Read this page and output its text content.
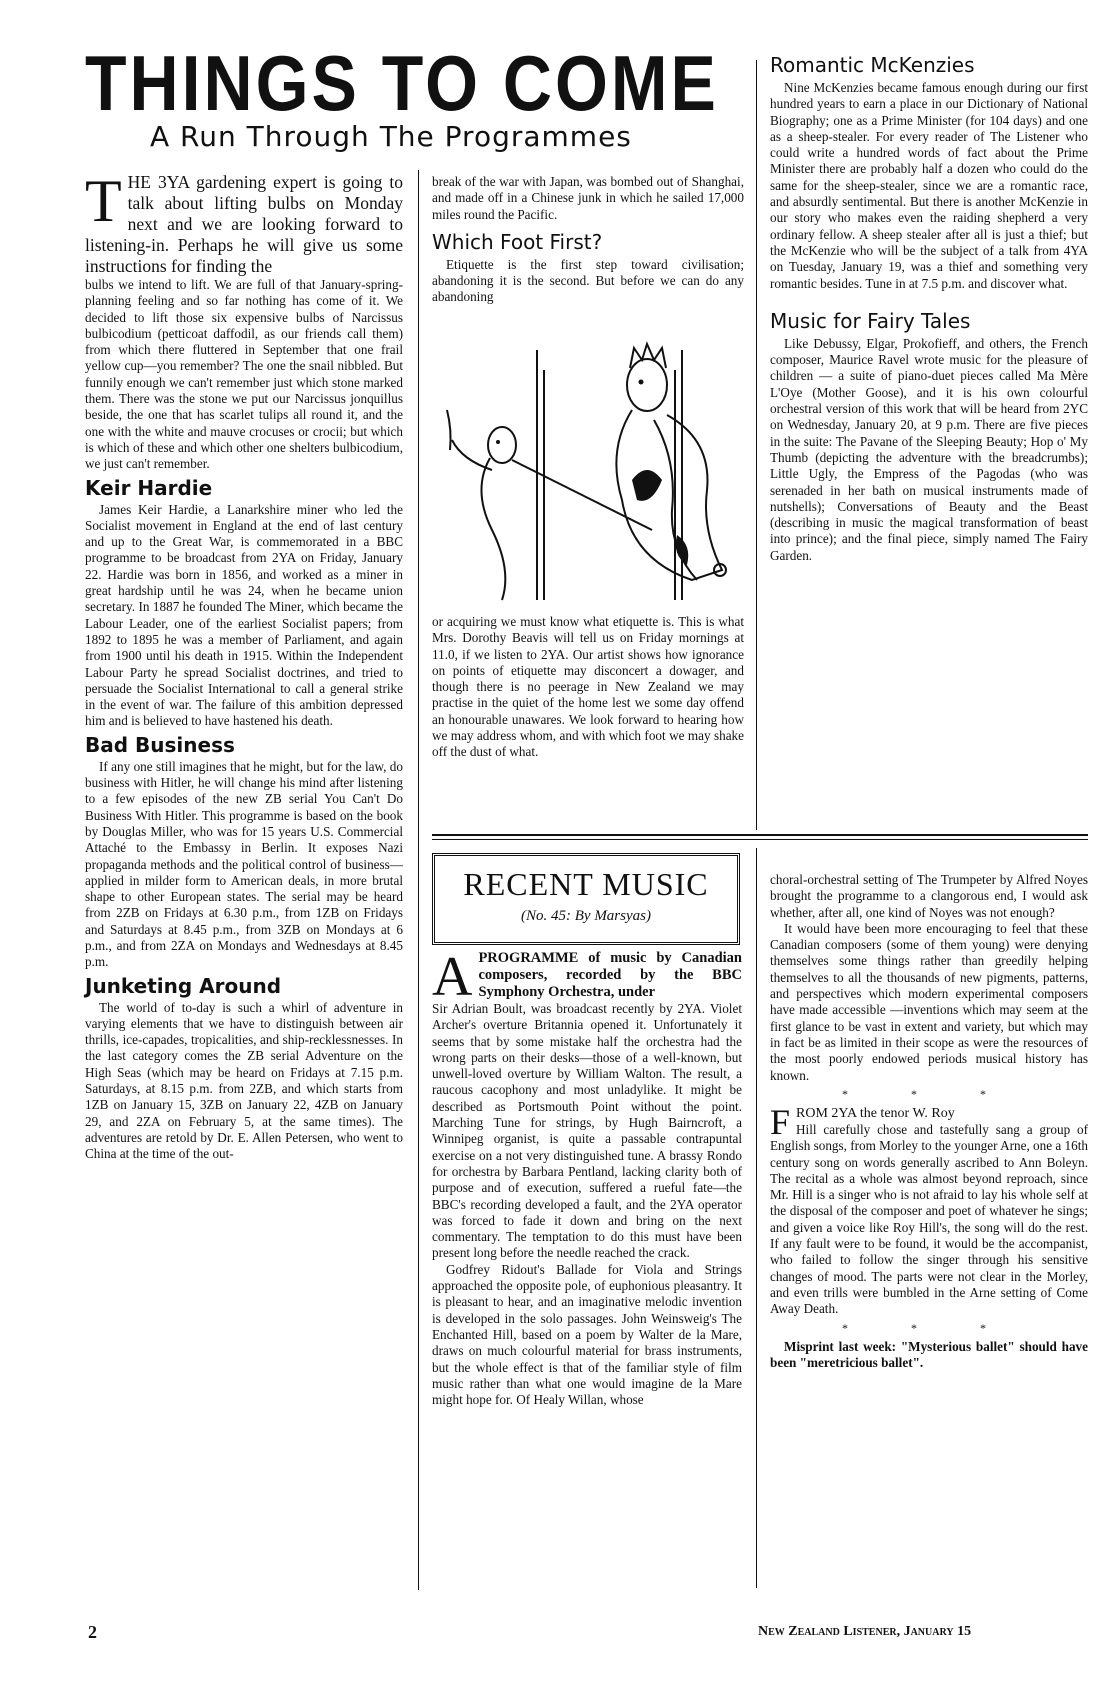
THINGS TO COME
A Run Through The Programmes
THE 3YA gardening expert is going to talk about lifting bulbs on Monday next and we are looking forward to listening-in. Perhaps he will give us some instructions for finding the

bulbs we intend to lift. We are full of that January-spring-planning feeling and so far nothing has come of it. We decided to lift those six expensive bulbs of Narcissus bulbicodium (petticoat daffodil, as our friends call them) from which there fluttered in September that one frail yellow cup—you remember? The one the snail nibbled. But funnily enough we can't remember just which stone marked them. There was the stone we put our Narcissus jonquillus beside, the one that has scarlet tulips all round it, and the one with the white and mauve crocuses or crocii; but which is which of these and which other one shelters bulbicodium, we just can't remember.

Keir Hardie

James Keir Hardie, a Lanarkshire miner who led the Socialist movement in England at the end of last century and up to the Great War, is commemorated in a BBC programme to be broadcast from 2YA on Friday, January 22. Hardie was born in 1856, and worked as a miner in great hardship until he was 24, when he became union secretary. In 1887 he founded The Miner, which became the Labour Leader, one of the earliest Socialist papers; from 1892 to 1895 he was a member of Parliament, and again from 1900 until his death in 1915. Within the Independent Labour Party he spread Socialist doctrines, and tried to persuade the Socialist International to call a general strike in the event of war. The failure of this ambition depressed him and is believed to have hastened his death.

Bad Business

If any one still imagines that he might, but for the law, do business with Hitler, he will change his mind after listening to a few episodes of the new ZB serial You Can't Do Business With Hitler. This programme is based on the book by Douglas Miller, who was for 15 years U.S. Commercial Attaché to the Embassy in Berlin. It exposes Nazi propaganda methods and the political control of business—applied in milder form to American deals, in more brutal shape to other European states. The serial may be heard from 2ZB on Fridays at 6.30 p.m., from 1ZB on Fridays and Saturdays at 8.45 p.m., from 3ZB on Mondays at 6 p.m., and from 2ZA on Mondays and Wednesdays at 8.45 p.m.

Junketing Around

The world of to-day is such a whirl of adventure in varying elements that we have to distinguish between air thrills, ice-capades, tropicalities, and ship-recklessnesses. In the last category comes the ZB serial Adventure on the High Seas (which may be heard on Fridays at 7.15 p.m. Saturdays, at 8.15 p.m. from 2ZB, and which starts from 1ZB on January 15, 3ZB on January 22, 4ZB on January 29, and 2ZA on February 5, at the same times). The adventures are retold by Dr. E. Allen Petersen, who went to China at the time of the out-

break of the war with Japan, was bombed out of Shanghai, and made off in a Chinese junk in which he sailed 17,000 miles round the Pacific.

Which Foot First?

Etiquette is the first step toward civilisation; abandoning it is the second. But before we can do any abandoning

or acquiring we must know what etiquette is. This is what Mrs. Dorothy Beavis will tell us on Friday mornings at 11.0, if we listen to 2YA. Our artist shows how ignorance on points of etiquette may disconcert a dowager, and though there is no peerage in New Zealand we may practise in the quiet of the home lest we some day offend an honourable unawares. We look forward to hearing how we may address whom, and with which foot we may shake off the dust of what.

Romantic McKenzies

Nine McKenzies became famous enough during our first hundred years to earn a place in our Dictionary of National Biography; one as a Prime Minister (for 104 days) and one as a sheep-stealer. For every reader of The Listener who could write a hundred words of fact about the Prime Minister there are probably half a dozen who could do the same for the sheep-stealer, since we are a romantic race, and absurdly sentimental. But there is another McKenzie in our story who makes even the raiding shepherd a very ordinary fellow. A sheep stealer after all is just a thief; but the McKenzie who will be the subject of a talk from 4YA on Tuesday, January 19, was a thief and something very romantic besides. Tune in at 7.5 p.m. and discover what.

Music for Fairy Tales

Like Debussy, Elgar, Prokofieff, and others, the French composer, Maurice Ravel wrote music for the pleasure of children — a suite of piano-duet pieces called Ma Mère L'Oye (Mother Goose), and it is his own colourful orchestral version of this work that will be heard from 2YC on Wednesday, January 20, at 9 p.m. There are five pieces in the suite: The Pavane of the Sleeping Beauty; Hop o' My Thumb (depicting the adventure with the breadcrumbs); Little Ugly, the Empress of the Pagodas (who was serenaded in her bath on musical instruments made of nutshells); Conversations of Beauty and the Beast (describing in music the magical transformation of beast into prince); and the final piece, simply named The Fairy Garden.

RECENT MUSIC
(No. 45: By Marsyas)
APROGRAMME of music by Canadian composers, recorded by the BBC Symphony Orchestra, under

Sir Adrian Boult, was broadcast recently by 2YA. Violet Archer's overture Britannia opened it. Unfortunately it seems that by some mistake half the orchestra had the wrong parts on their desks—those of a well-known, but unwell-loved overture by William Walton. The result, a raucous cacophony and most unladylike. It might be described as Portsmouth Point without the point. Marching Tune for strings, by Hugh Bairncroft, a Winnipeg organist, is quite a passable contrapuntal exercise on a not very distinguished tune. A brassy Rondo for orchestra by Barbara Pentland, lacking clarity both of purpose and of execution, suffered a rueful fate—the BBC's recording developed a fault, and the 2YA operator was forced to fade it down and bring on the next commentary. The temptation to do this must have been present long before the needle reached the crack.

Godfrey Ridout's Ballade for Viola and Strings approached the opposite pole, of euphonious pleasantry. It is pleasant to hear, and an imaginative melodic invention is developed in the solo passages. John Weinsweig's The Enchanted Hill, based on a poem by Walter de la Mare, draws on much colourful material for brass instruments, but the whole effect is that of the familiar style of film music rather than what one would imagine de la Mare might hope for. Of Healy Willan, whose

choral-orchestral setting of The Trumpeter by Alfred Noyes brought the programme to a clangorous end, I would ask whether, after all, one kind of Noyes was not enough?

It would have been more encouraging to feel that these Canadian composers (some of them young) were denying themselves some things rather than greedily helping themselves to all the thousands of new pigments, patterns, and perspectives which modern experimental composers have made accessible —inventions which may seem at the first glance to be vast in extent and variety, but which may in fact be as limited in their scope as were the resources of the most poorly endowed periods musical history has known.

* * *
FROM 2YA the tenor W. Roy

Hill carefully chose and tastefully sang a group of English songs, from Morley to the younger Arne, one a 16th century song on words generally ascribed to Ann Boleyn. The recital as a whole was almost beyond reproach, since Mr. Hill is a singer who is not afraid to lay his whole self at the disposal of the composer and poet of whatever he sings; and given a voice like Roy Hill's, the song will do the rest. If any fault were to be found, it would be the accompanist, who failed to follow the singer through his sensitive changes of mood. The parts were not clear in the Morley, and even trills were bumbled in the Arne setting of Come Away Death.

* * *

Misprint last week: "Mysterious ballet" should have been "meretricious ballet".

2	New Zealand Listener, January 15
